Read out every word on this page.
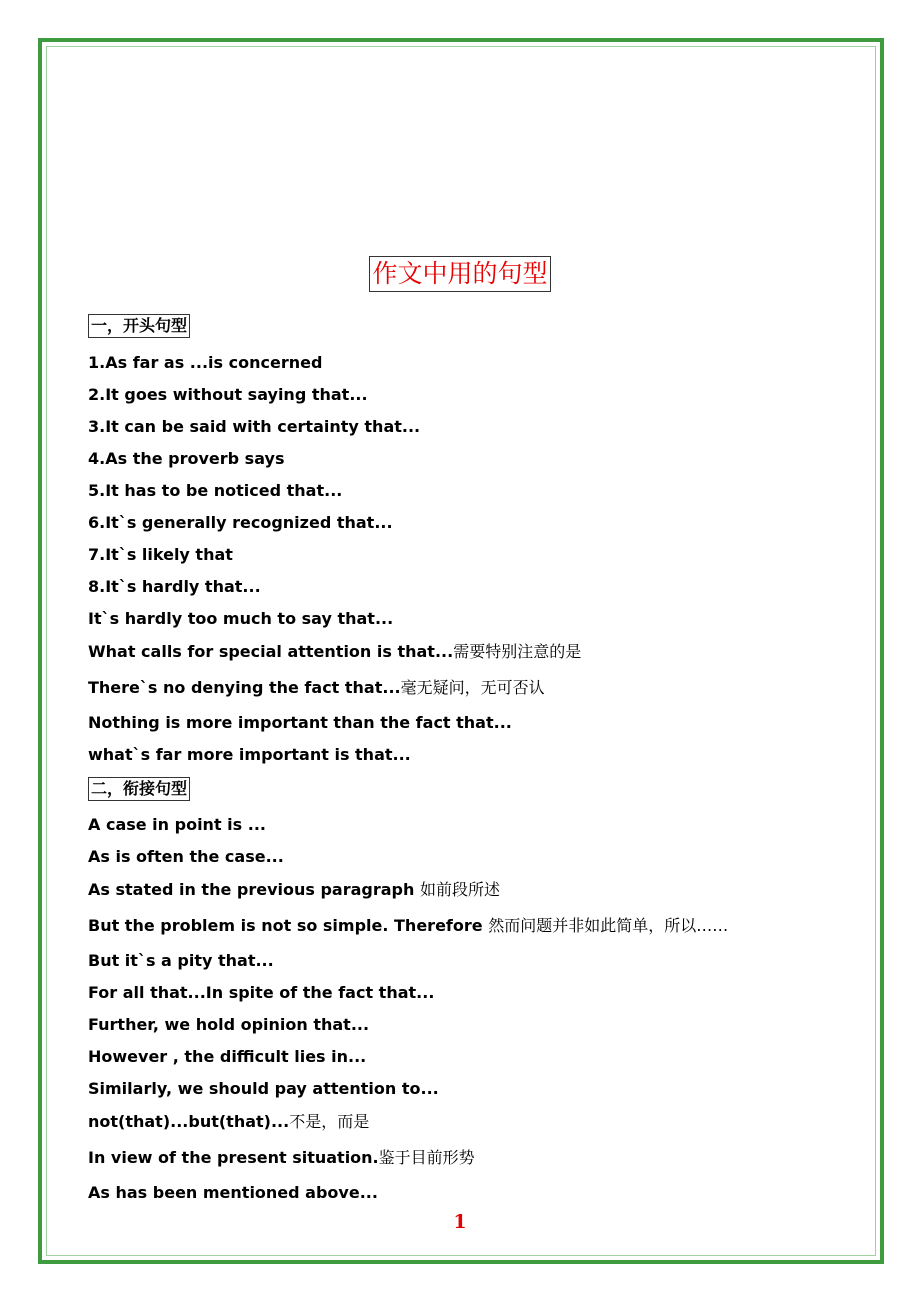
作文中用的句型
一，开头句型
1.As far as ...is concerned
2.It goes without saying that...
3.It can be said with certainty that...
4.As the proverb says
5.It has to be noticed that...
6.It`s generally recognized that...
7.It`s likely that
8.It`s hardly that...
It`s hardly too much to say that...
What calls for special attention is that...需要特别注意的是
There`s no denying the fact that...毫无疑问，无可否认
Nothing is more important than the fact that...
what`s far more important is that...
二，衔接句型
A case in point is ...
As is often the case...
As stated in the previous paragraph 如前段所述
But the problem is not so simple. Therefore 然而问题并非如此简单，所以……
But it`s a pity that...
For all that...In spite of the fact that...
Further, we hold opinion that...
However , the difficult lies in...
Similarly, we should pay attention to...
not(that)...but(that)...不是，而是
In view of the present situation.鉴于目前形势
As has been mentioned above...
1
